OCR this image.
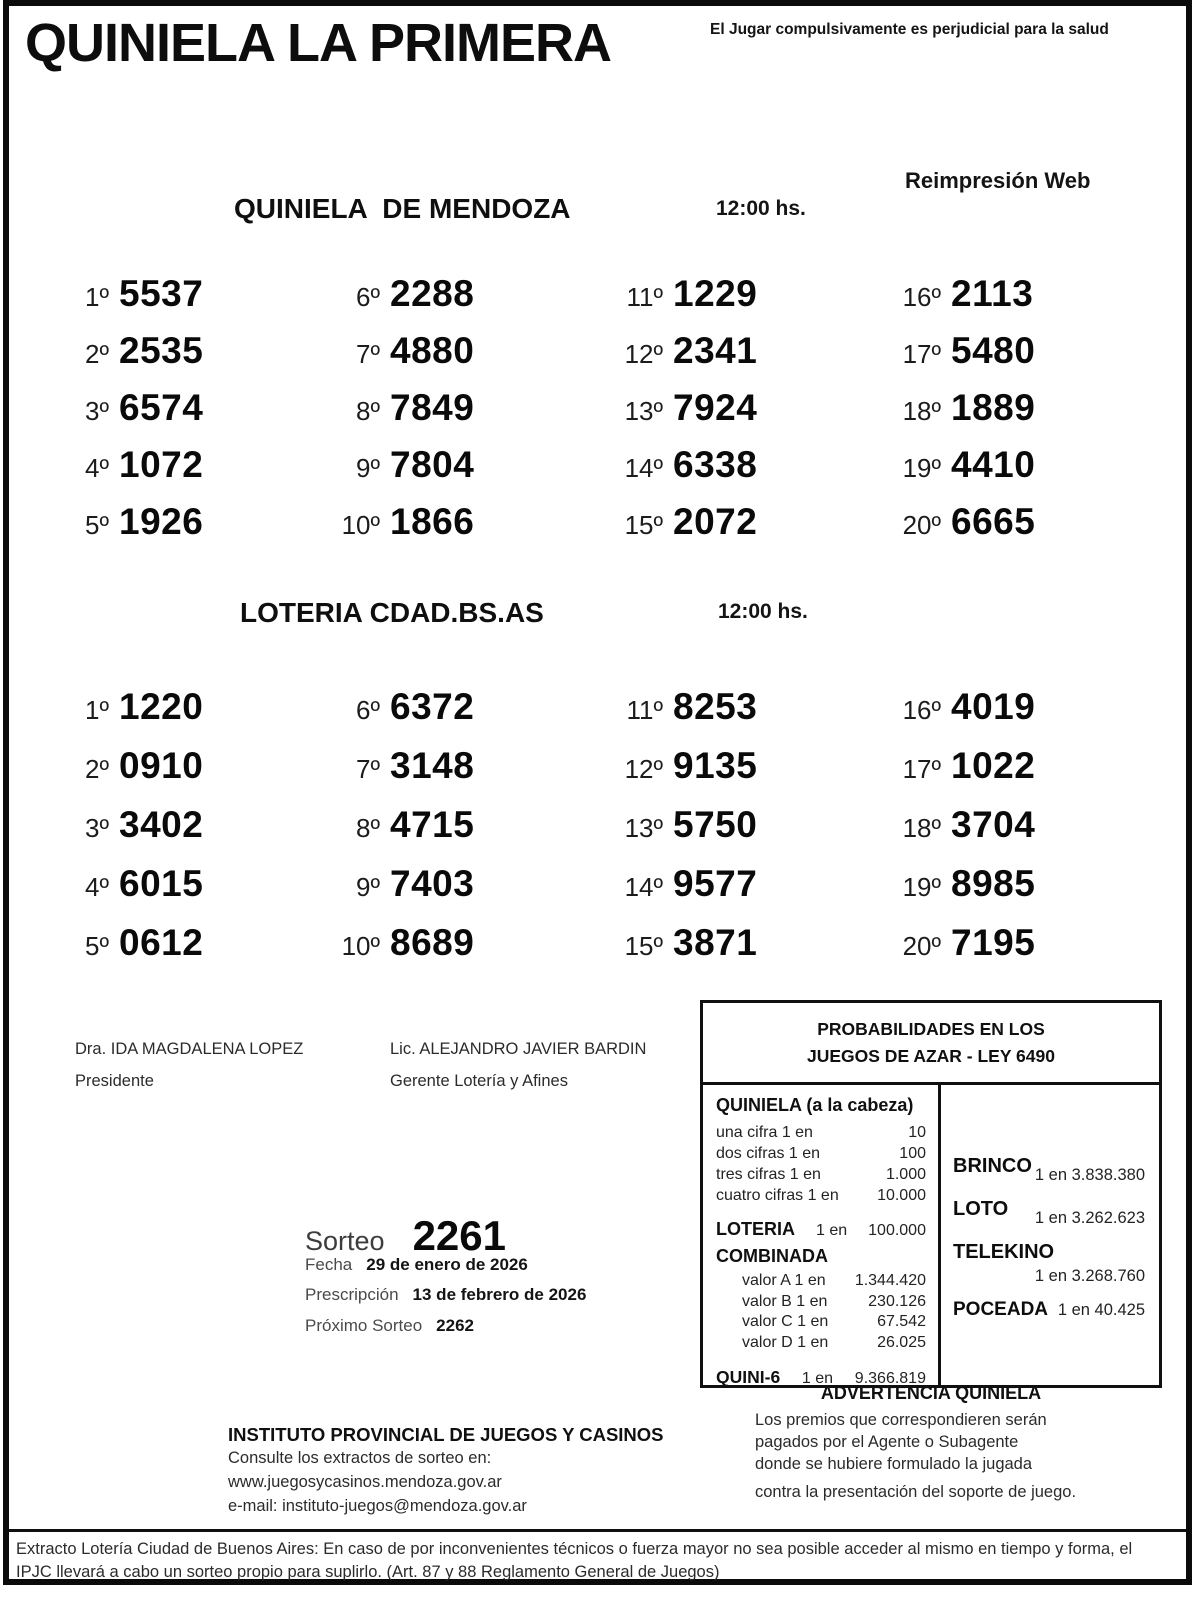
QUINIELA LA PRIMERA	El Jugar compulsivamente es perjudicial para la salud
Reimpresión Web
QUINIELA  DE MENDOZA	12:00 hs.
1º 5537
2º 2535
3º 6574
4º 1072
5º 1926
6º 2288
7º 4880
8º 7849
9º 7804
10º 1866
11º 1229
12º 2341
13º 7924
14º 6338
15º 2072
16º 2113
17º 5480
18º 1889
19º 4410
20º 6665
LOTERIA CDAD.BS.AS	12:00 hs.
1º 1220
2º 0910
3º 3402
4º 6015
5º 0612
6º 6372
7º 3148
8º 4715
9º 7403
10º 8689
11º 8253
12º 9135
13º 5750
14º 9577
15º 3871
16º 4019
17º 1022
18º 3704
19º 8985
20º 7195
Dra. IDA MAGDALENA LOPEZ
Presidente
Lic. ALEJANDRO JAVIER BARDIN
Gerente Lotería y Afines
Sorteo 2261
Fecha 29 de enero de 2026
Prescripción 13 de febrero de 2026
Próximo Sorteo 2262
PROBABILIDADES EN LOS
JUEGOS DE AZAR - LEY 6490
QUINIELA (a la cabeza)
una cifra 1 en	10
dos cifras 1 en	100
tres cifras 1 en	1.000
cuatro cifras 1 en 10.000
LOTERIA 1 en 100.000
COMBINADA
valor A 1 en 1.344.420
valor B 1 en	230.126
valor C 1 en	67.542
valor D 1 en	26.025
QUINI-6 1 en 9.366.819
BRINCO 1 en 3.838.380
LOTO 1 en 3.262.623
TELEKINO
1 en 3.268.760
POCEADA 1 en 40.425
ADVERTENCIA QUINIELA
Los premios que correspondieren serán
pagados por el Agente o Subagente
donde se hubiere formulado la jugada
contra la presentación del soporte de juego.
INSTITUTO PROVINCIAL DE JUEGOS Y CASINOS
Consulte los extractos de sorteo en:
www.juegosycasinos.mendoza.gov.ar
e-mail: instituto-juegos@mendoza.gov.ar
Extracto Lotería Ciudad de Buenos Aires: En caso de por inconvenientes técnicos o fuerza mayor no sea posible acceder al mismo en tiempo y forma, el IPJC llevará a cabo un sorteo propio para suplirlo. (Art. 87 y 88 Reglamento General de Juegos)
